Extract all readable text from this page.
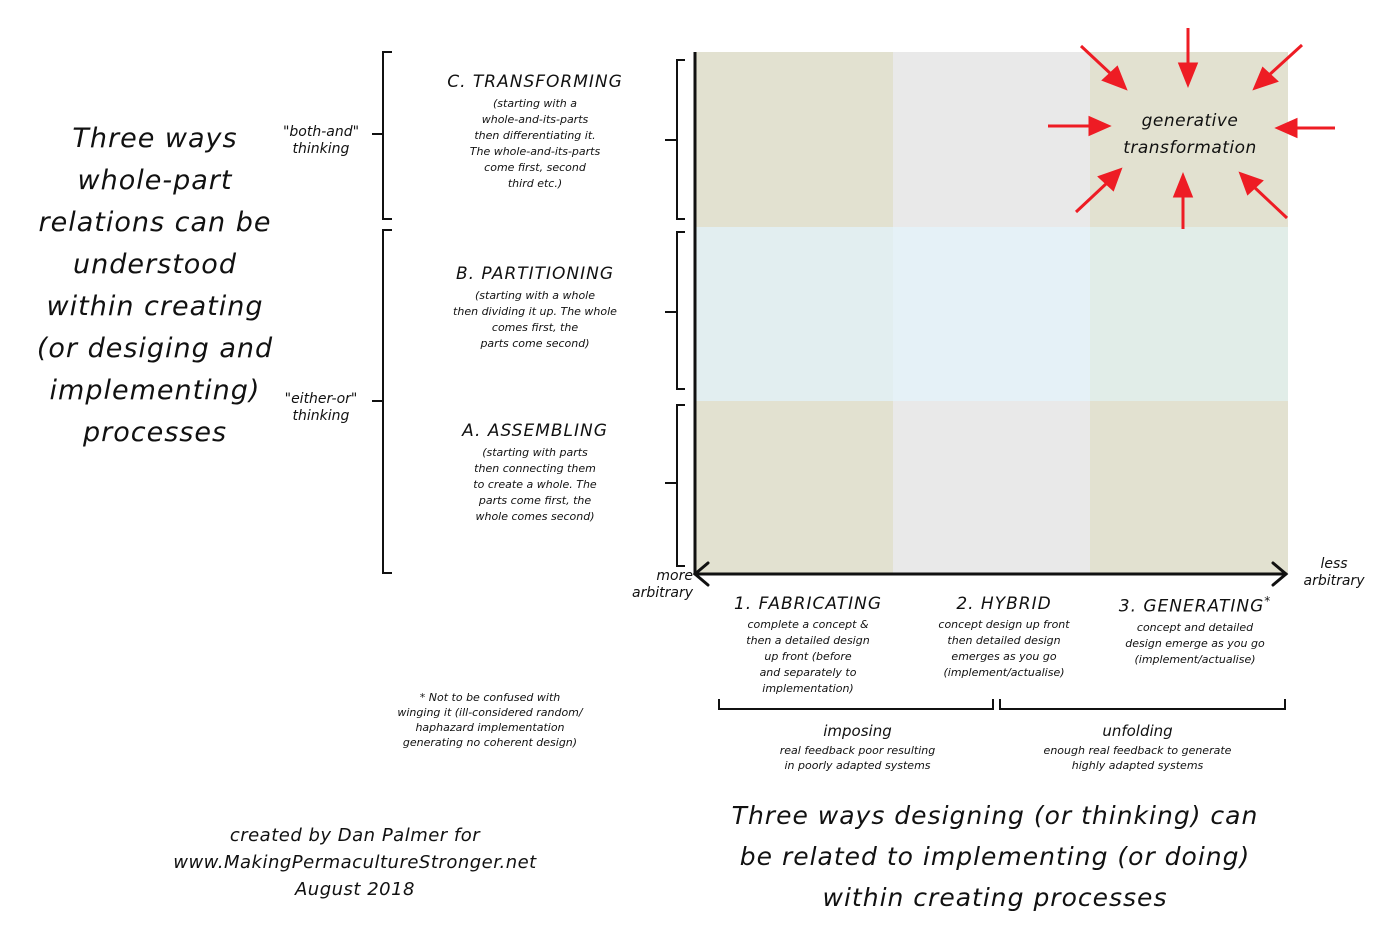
Three ways
whole-part
relations can be
understood
within creating
(or desiging and
implementing)
processes
"both-and"
thinking
"either-or"
thinking
C. TRANSFORMING
(starting with a
whole-and-its-parts
then differentiating it.
The whole-and-its-parts
come first, second
third etc.)
B. PARTITIONING
(starting with a whole
then dividing it up. The whole
comes first, the
parts come second)
A. ASSEMBLING
(starting with parts
then connecting them
to create a whole. The
parts come first, the
whole comes second)
generative
transformation
more
arbitrary
less
arbitrary
1. FABRICATING
complete a concept &
then a detailed design
up front (before
and separately to
implementation)
2. HYBRID
concept design up front
then detailed design
emerges as you go
(implement/actualise)
3. GENERATING*
concept and detailed
design emerge as you go
(implement/actualise)
imposing
real feedback poor resulting
in poorly adapted systems
unfolding
enough real feedback to generate
highly adapted systems
* Not to be confused with
winging it (ill-considered random/
haphazard implementation
generating no coherent design)
created by Dan Palmer for
www.MakingPermacultureStronger.net
August 2018
Three ways designing (or thinking) can
be related to implementing (or doing)
within creating processes
